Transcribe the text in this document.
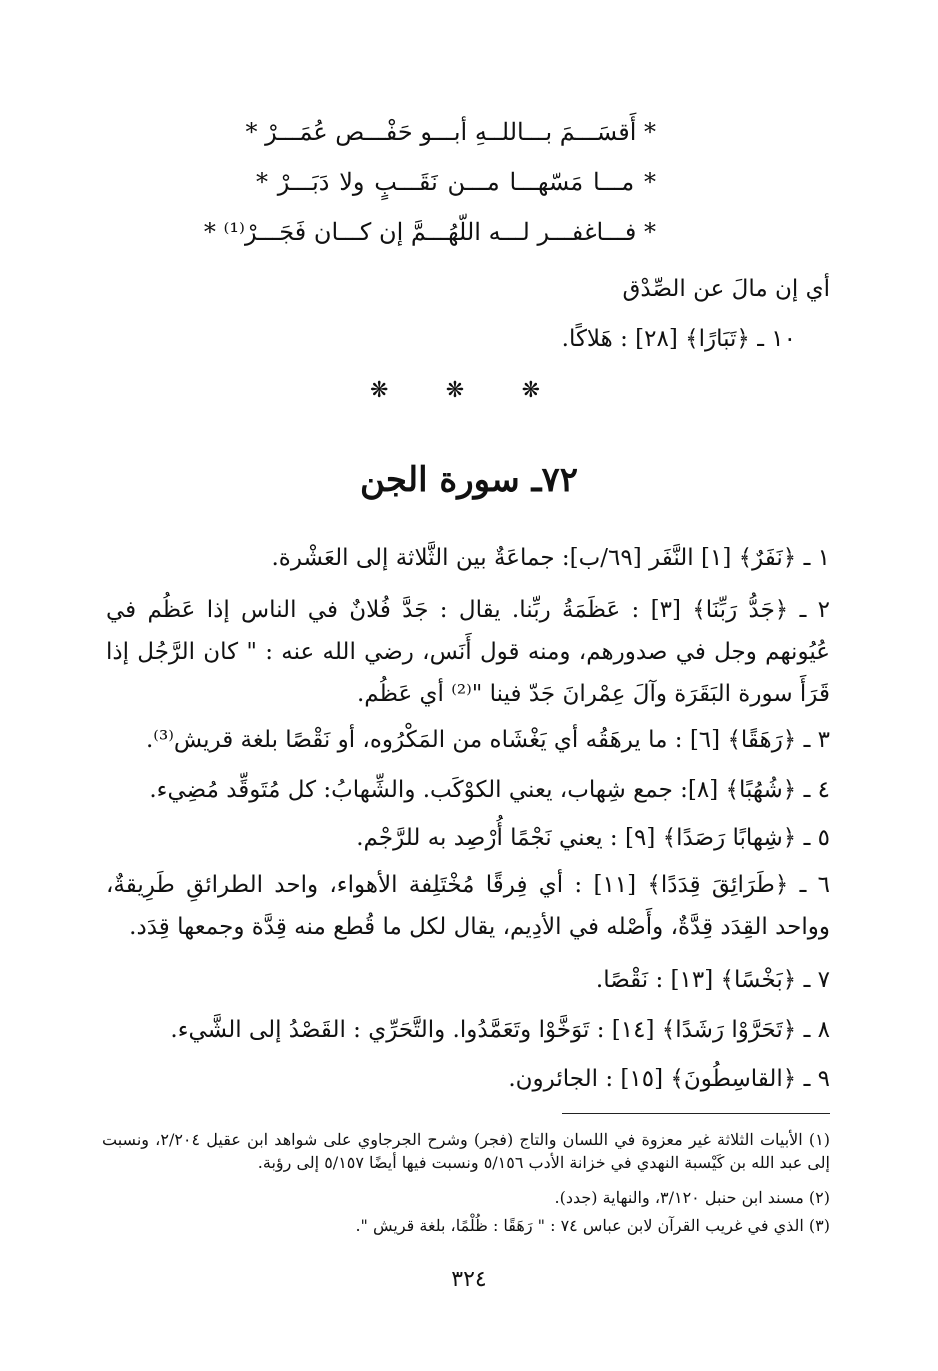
* أَقسَـــمَ بـــاللــهِ أبـــو حَفْـــص عُمَـــرْ *
* مـــا مَسّهـــا مـــن نَقَـــبٍ ولا دَبَـــرْ *
* فـــاغفـــر لـــه اللّهُـــمَّ إن كـــان فَجَـــرْ⁽¹⁾ *
أي إن مالَ عن الصِّدْق
١٠ ـ ﴿تَبَارًا﴾ [٢٨] : هَلاكًا.
❋	❋	❋
٧٢ـ سورة الجن
١ ـ ﴿نَفَرٌ﴾ [١] النَّفَر [٦٩/ب]: جماعَةٌ بين الثَّلاثة إلى العَشْرة.
٢ ـ ﴿جَدُّ رَبِّنَا﴾ [٣] : عَظَمَةُ ربِّنا. يقال : جَدَّ فُلانٌ في الناس إذا عَظُم في عُيُونهم وجل في صدورهم، ومنه قول أَنَس، رضي الله عنه : " كان الرَّجُل إذا قَرَأَ سورة البَقَرَة وآلَ عِمْرانَ جَدّ فينا "⁽²⁾ أي عَظُم.
٣ ـ ﴿رَهَقًا﴾ [٦] : ما يرهَقُه أي يَغْشَاه من المَكْرُوه، أو نَقْصًا بلغة قريش⁽³⁾.
٤ ـ ﴿شُهُبًا﴾ [٨]: جمع شِهاب، يعني الكوْكَب. والشِّهابُ: كل مُتَوقِّد مُضِيء.
٥ ـ ﴿شِهابًا رَصَدًا﴾ [٩] : يعني نَجْمًا أُرْصِد به للرَّجْم.
٦ ـ ﴿طَرَائِقَ قِدَدًا﴾ [١١] : أي فِرقًا مُخْتَلِفة الأهواء، واحد الطرائقِ طَرِيقةٌ، وواحد القِدَد قِدَّةٌ، وأَصْله في الأدِيم، يقال لكل ما قُطع منه قِدَّة وجمعها قِدَد.
٧ ـ ﴿بَخْسًا﴾ [١٣] : نَقْصًا.
٨ ـ ﴿تَحَرَّوْا رَشَدًا﴾ [١٤] : تَوَخَّوْا وتَعَمَّدُوا. والتَّحَرِّي : القَصْدُ إلى الشَّيء.
٩ ـ ﴿القاسِطُونَ﴾ [١٥] : الجائرون.
(١) الأبيات الثلاثة غير معزوة في اللسان والتاج (فجر) وشرح الجرجاوي على شواهد ابن عقيل ٢/٢٠٤، ونسبت إلى عبد الله بن كَيْسبة النهدي في خزانة الأدب ٥/١٥٦ ونسبت فيها أيضًا ٥/١٥٧ إلى رؤبة.
(٢) مسند ابن حنبل ٣/١٢٠، والنهاية (جدد).
(٣) الذي في غريب القرآن لابن عباس ٧٤ : " رَهَقًا : ظُلْمًا، بلغة قريش ".
٣٢٤
